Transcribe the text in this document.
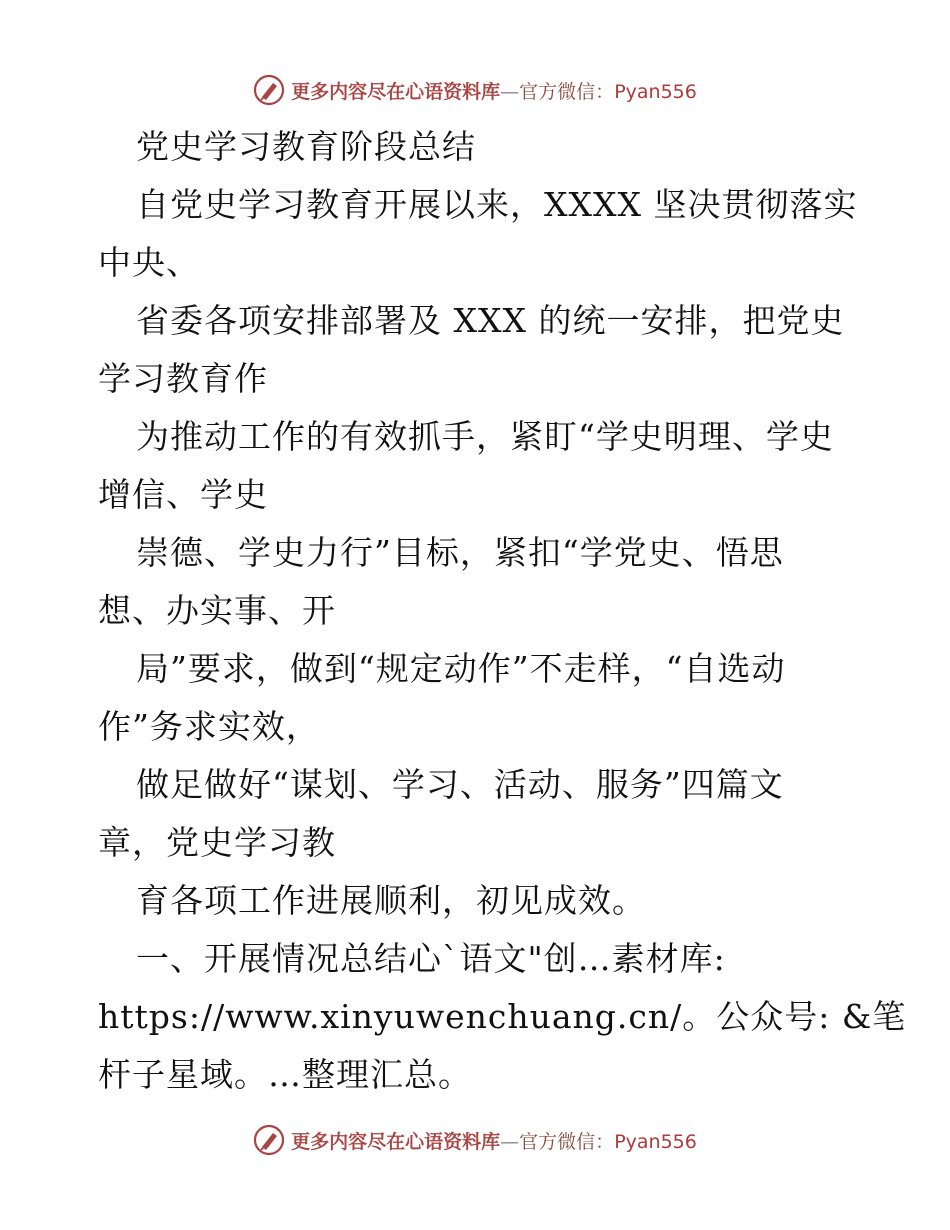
更多内容尽在心语资料库—官方微信：Pyan556
党史学习教育阶段总结
自党史学习教育开展以来，XXXX 坚决贯彻落实
中央、
省委各项安排部署及 XXX 的统一安排，把党史
学习教育作
为推动工作的有效抓手，紧盯“学史明理、学史
增信、学史
崇德、学史力行”目标，紧扣“学党史、悟思
想、办实事、开
局”要求，做到“规定动作”不走样，“自选动
作”务求实效，
做足做好“谋划、学习、活动、服务”四篇文
章，党史学习教
育各项工作进展顺利，初见成效。
一、开展情况总结心`语文"创…素材库:
https://www.xinyuwenchuang.cn/。公众号: &笔
杆子星域。…整理汇总。
更多内容尽在心语资料库—官方微信：Pyan556
